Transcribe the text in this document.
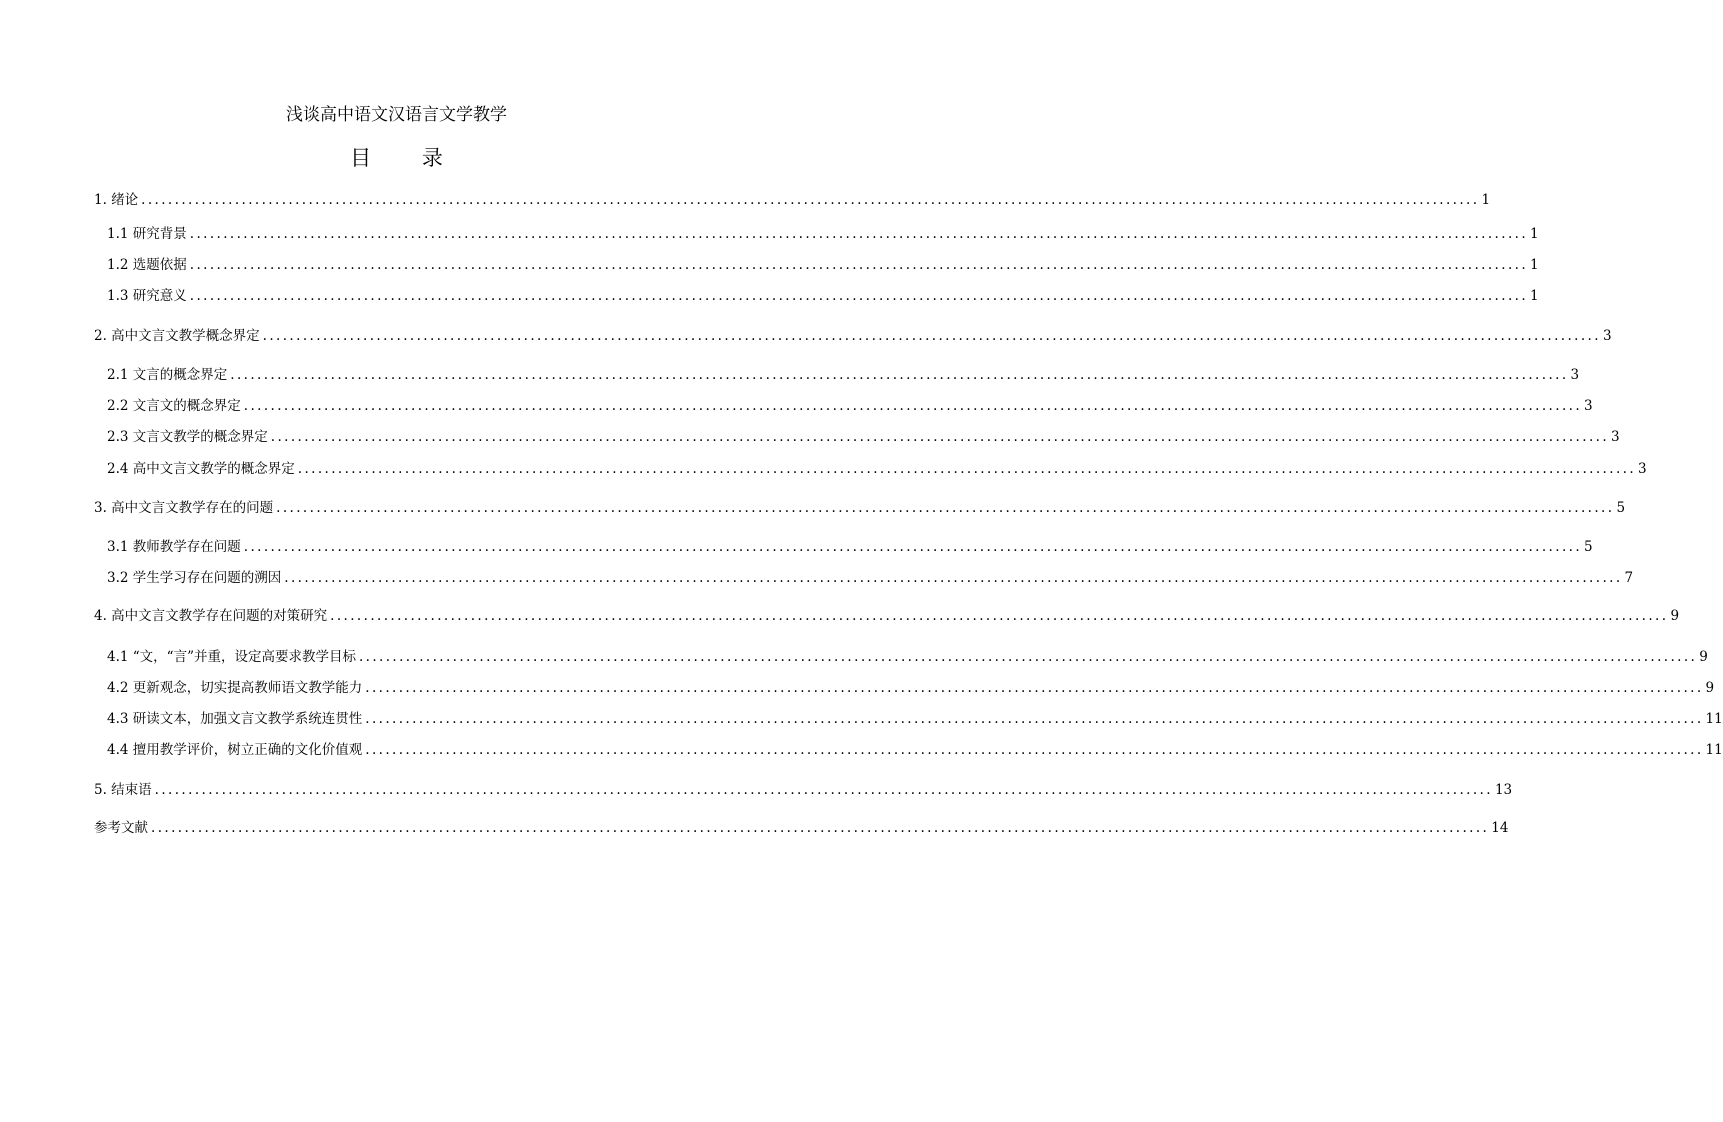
浅谈高中语文汉语言文学教学
目 录
1. 绪论 ........................................................................................................................................................................................................ 1
1.1 研究背景 ........................................................................................................................................................................................................ 1
1.2 选题依据 ........................................................................................................................................................................................................ 1
1.3 研究意义 ........................................................................................................................................................................................................ 1
2. 高中文言文教学概念界定 ........................................................................................................................................................................................................ 3
2.1 文言的概念界定 ........................................................................................................................................................................................................ 3
2.2 文言文的概念界定 ........................................................................................................................................................................................................ 3
2.3 文言文教学的概念界定 ........................................................................................................................................................................................................ 3
2.4 高中文言文教学的概念界定 ........................................................................................................................................................................................................ 3
3. 高中文言文教学存在的问题 ........................................................................................................................................................................................................ 5
3.1 教师教学存在问题 ........................................................................................................................................................................................................ 5
3.2 学生学习存在问题的溯因 ........................................................................................................................................................................................................ 7
4. 高中文言文教学存在问题的对策研究 ........................................................................................................................................................................................................ 9
4.1 “文，“言”并重，设定高要求教学目标 ........................................................................................................................................................................................................ 9
4.2 更新观念，切实提高教师语文教学能力 ........................................................................................................................................................................................................ 9
4.3 研读文本，加强文言文教学系统连贯性 ........................................................................................................................................................................................................ 11
4.4 擅用教学评价，树立正确的文化价值观 ........................................................................................................................................................................................................ 11
5. 结束语 ........................................................................................................................................................................................................ 13
参考文献 ........................................................................................................................................................................................................ 14
